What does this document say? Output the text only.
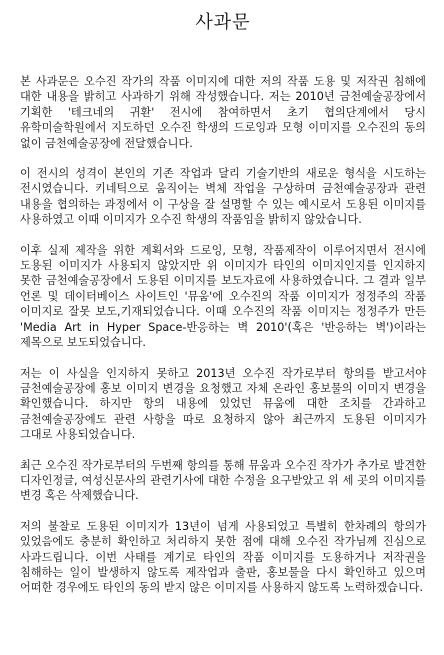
사과문

본 사과문은 오수진 작가의 작품 이미지에 대한 저의 작품 도용 및 저작권 침해에 대한 내용을 밝히고 사과하기 위해 작성했습니다. 저는 2010년 금천예술공장에서 기획한 '테크네의 귀환' 전시에 참여하면서 초기 협의단계에서 당시 유학미술학원에서 지도하던 오수진 학생의 드로잉과 모형 이미지를 오수진의 동의 없이 금천예술공장에 전달했습니다.

이 전시의 성격이 본인의 기존 작업과 달리 기술기반의 새로운 형식을 시도하는 전시였습니다. 키네틱으로 움직이는 벽체 작업을 구상하며 금천예술공장과 관련 내용을 협의하는 과정에서 이 구상을 잘 설명할 수 있는 예시로서 도용된 이미지를 사용하였고 이때 이미지가 오수진 학생의 작품임을 밝히지 않았습니다.

이후 실제 제작을 위한 계획서와 드로잉, 모형, 작품제작이 이루어지면서 전시에 도용된 이미지가 사용되지 않았지만 위 이미지가 타인의 이미지인지를 인지하지 못한 금천예술공장에서 도용된 이미지를 보도자료에 사용하였습니다. 그 결과 일부 언론 및 데이터베이스 사이트인 '뮤움'에 오수진의 작품 이미지가 정정주의 작품 이미지로 잘못 보도,기재되었습니다. 이때 오수진의 작품 이미지는 정정주가 만든 'Media Art in Hyper Space-반응하는 벽 2010'(혹은 '반응하는 벽')이라는 제목으로 보도되었습니다.

저는 이 사실을 인지하지 못하고 2013년 오수진 작가로부터 항의를 받고서야 금천예술공장에 홍보 이미지 변경을 요청했고 자체 온라인 홍보물의 이미지 변경을 확인했습니다. 하지만 항의 내용에 있었던 뮤움에 대한 조치를 간과하고 금천예술공장에도 관련 사항을 따로 요청하지 않아 최근까지 도용된 이미지가 그대로 사용되었습니다.

최근 오수진 작가로부터의 두번째 항의를 통해 뮤움과 오수진 작가가 추가로 발견한 디자인정글, 여성신문사의 관련기사에 대한 수정을 요구받았고 위 세 곳의 이미지를 변경 혹은 삭제했습니다.

저의 불찰로 도용된 이미지가 13년이 넘게 사용되었고 특별히 한차례의 항의가 있었음에도 충분히 확인하고 처리하지 못한 점에 대해 오수진 작가님께 진심으로 사과드립니다. 이번 사태를 계기로 타인의 작품 이미지를 도용하거나 저작권을 침해하는 일이 발생하지 않도록 제작업과 출판, 홍보물을 다시 확인하고 있으며 어떠한 경우에도 타인의 동의 받지 않은 이미지를 사용하지 않도록 노력하겠습니다.
